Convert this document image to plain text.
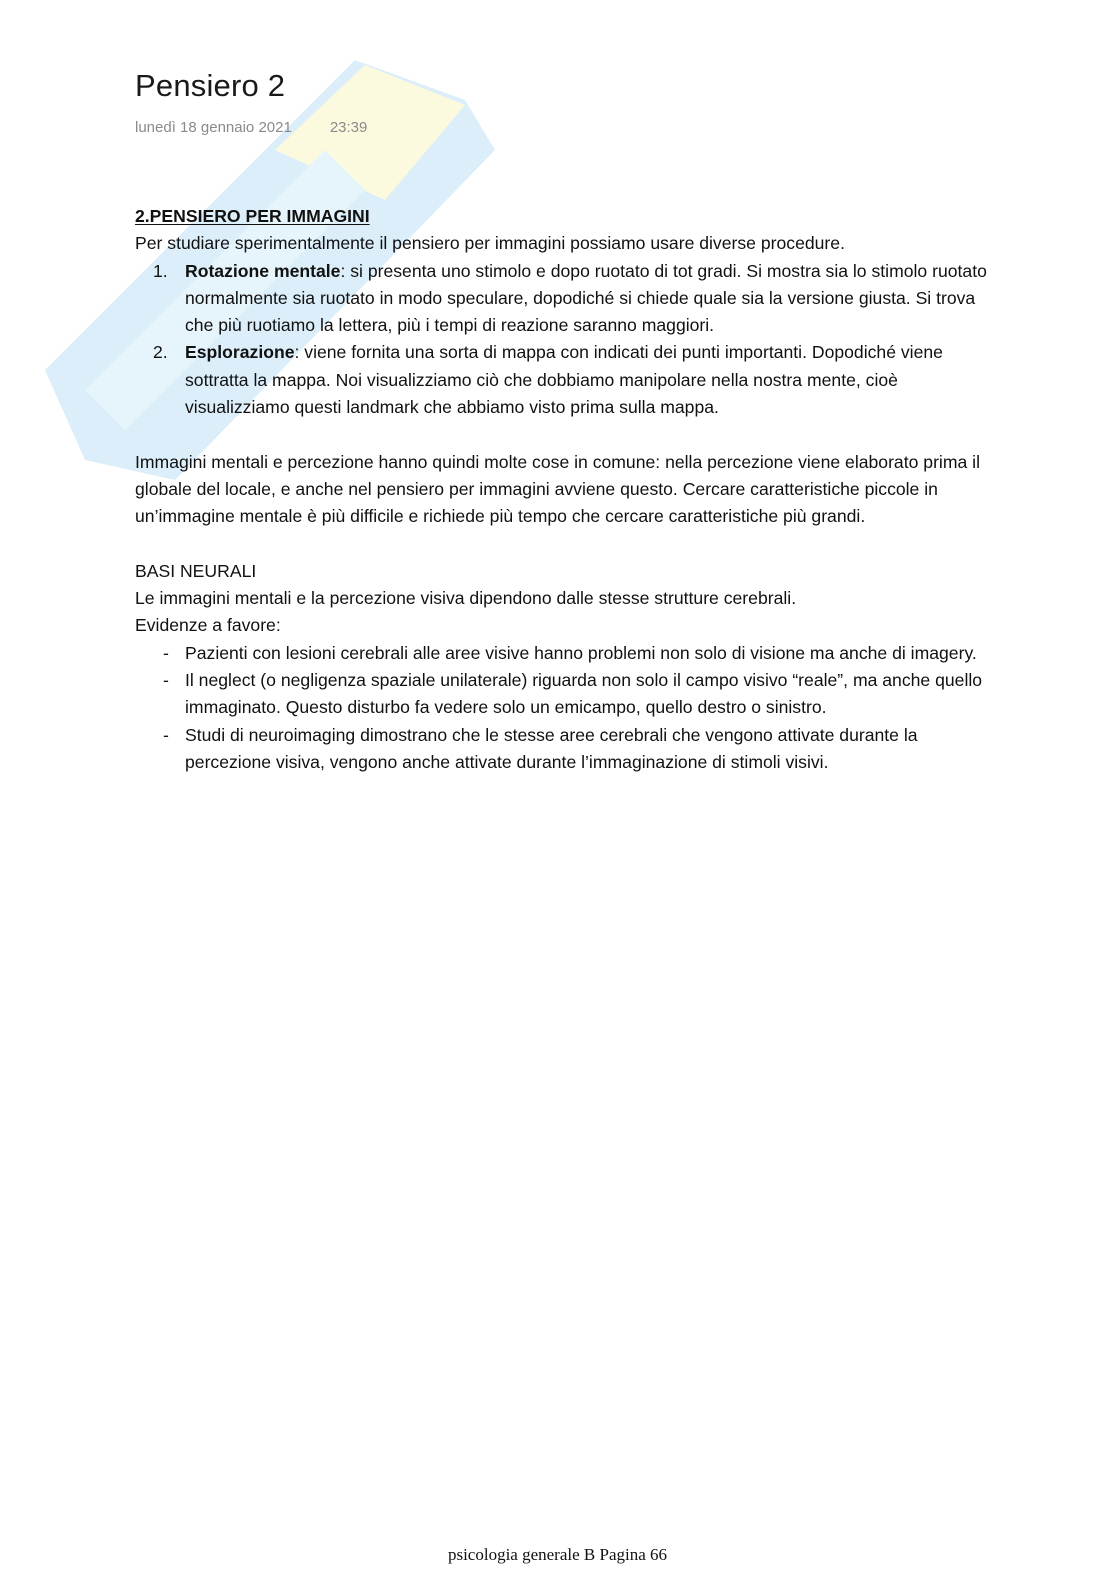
Pensiero 2
lunedì 18 gennaio 2021	23:39

2.PENSIERO PER IMMAGINI

Per studiare sperimentalmente il pensiero per immagini possiamo usare diverse procedure.

1. Rotazione mentale: si presenta uno stimolo e dopo ruotato di tot gradi. Si mostra sia lo stimolo ruotato normalmente sia ruotato in modo speculare, dopodiché si chiede quale sia la versione giusta. Si trova che più ruotiamo la lettera, più i tempi di reazione saranno maggiori.
2. Esplorazione: viene fornita una sorta di mappa con indicati dei punti importanti. Dopodiché viene sottratta la mappa. Noi visualizziamo ciò che dobbiamo manipolare nella nostra mente, cioè visualizziamo questi landmark che abbiamo visto prima sulla mappa.

Immagini mentali e percezione hanno quindi molte cose in comune: nella percezione viene elaborato prima il globale del locale, e anche nel pensiero per immagini avviene questo. Cercare caratteristiche piccole in un’immagine mentale è più difficile e richiede più tempo che cercare caratteristiche più grandi.

BASI NEURALI

Le immagini mentali e la percezione visiva dipendono dalle stesse strutture cerebrali.

Evidenze a favore:

- Pazienti con lesioni cerebrali alle aree visive hanno problemi non solo di visione ma anche di imagery.
- Il neglect (o negligenza spaziale unilaterale) riguarda non solo il campo visivo “reale”, ma anche quello immaginato. Questo disturbo fa vedere solo un emicampo, quello destro o sinistro.
- Studi di neuroimaging dimostrano che le stesse aree cerebrali che vengono attivate durante la percezione visiva, vengono anche attivate durante l’immaginazione di stimoli visivi.
psicologia generale B Pagina 66
